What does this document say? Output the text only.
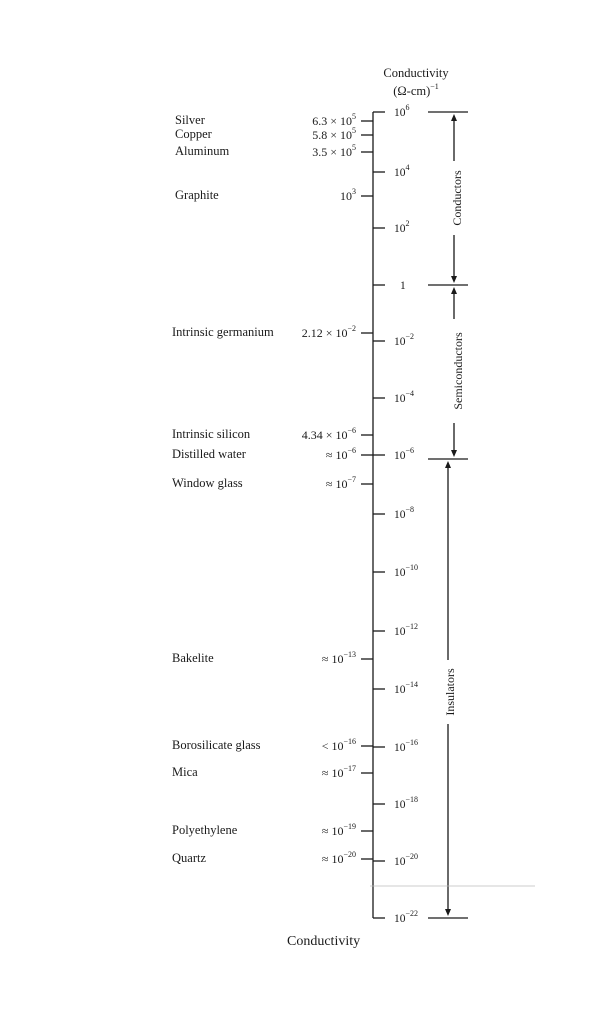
Conductivity
$(\Omega-cm)^{-1}$
$10^6$
$10^4$
$10^2$
1
$10^{-2}$
$10^{-4}$
$10^{-6}$
$10^{-8}$
$10^{-10}$
$10^{-12}$
$10^{-14}$
$10^{-16}$
$10^{-18}$
$10^{-20}$
$10^{-22}$
Silver	$6.3 \times 10^5$
Copper	$5.8 \times 10^5$
Aluminum	$3.5 \times 10^5$
Graphite	$10^3$
Intrinsic germanium	$2.12 \times 10^{-2}$
Intrinsic silicon	$4.34 \times 10^{-6}$
Distilled water	≈ $10^{-6}$
Window glass	≈ $10^{-7}$
Bakelite	≈ $10^{-13}$
Borosilicate glass	< $10^{-16}$
Mica	≈ $10^{-17}$
Polyethylene	≈ $10^{-19}$
Quartz	≈ $10^{-20}$
Conductors
Semiconductors
Insulators
Conductivity
